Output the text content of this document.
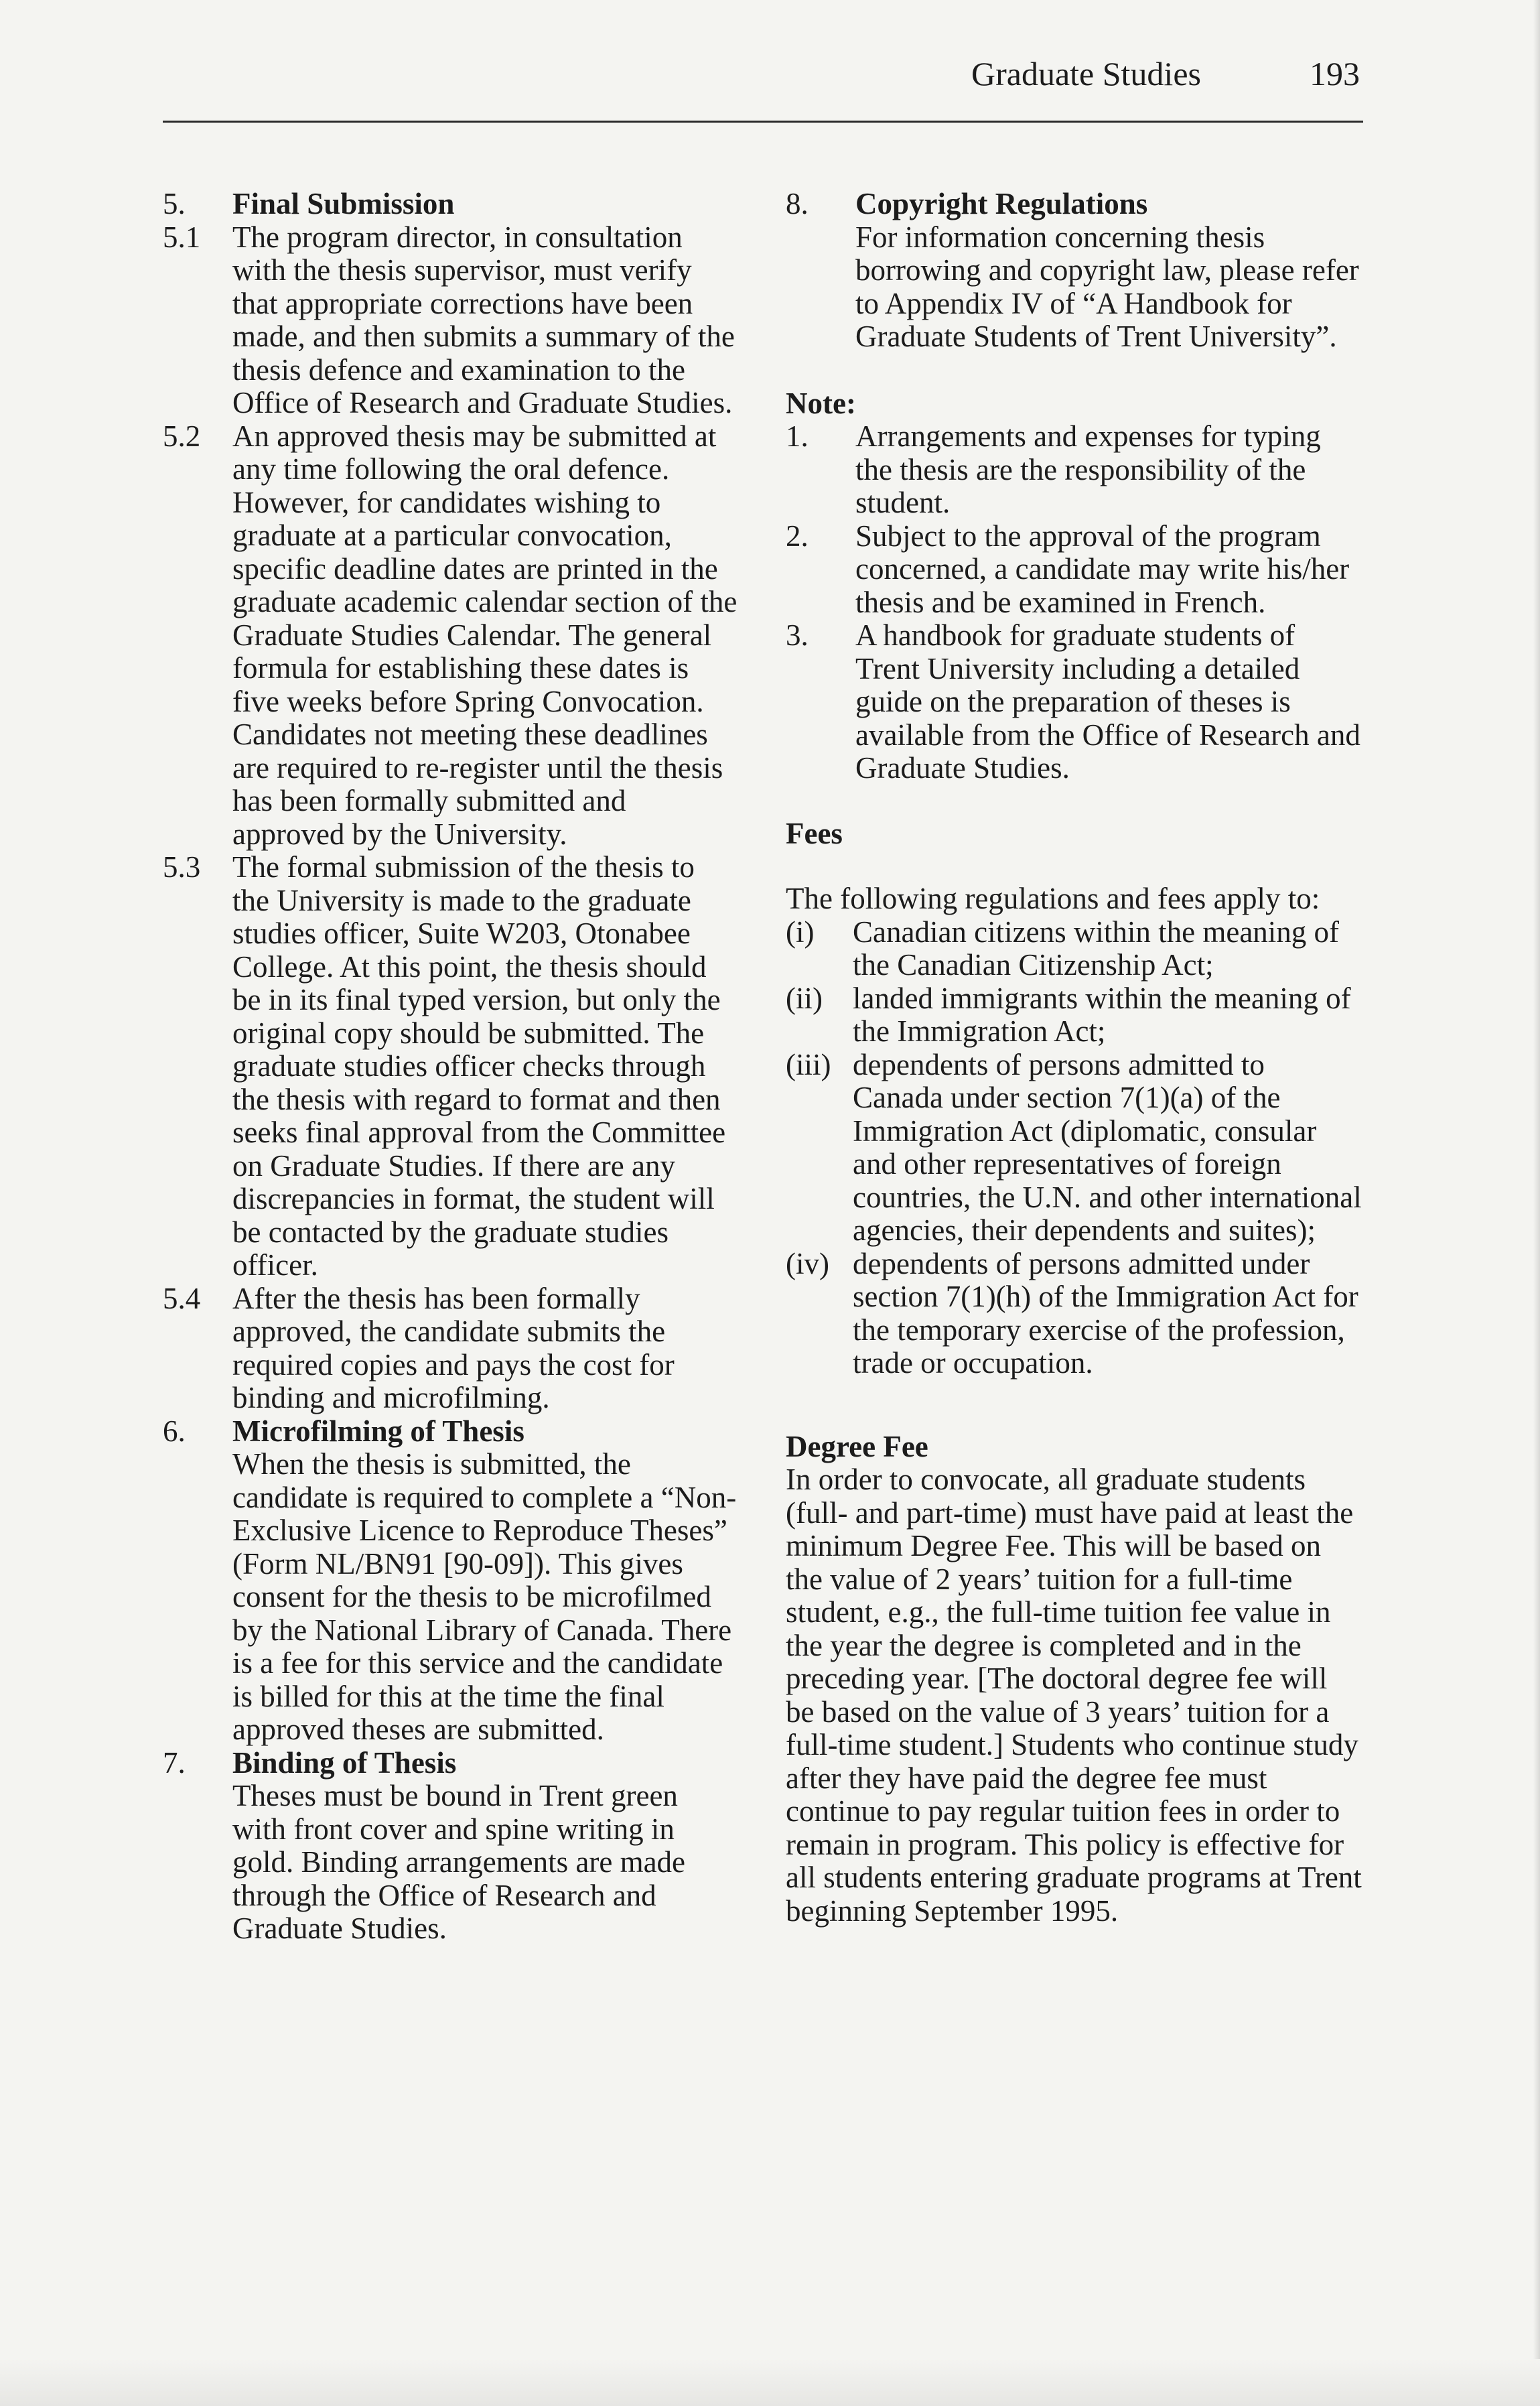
Graduate Studies	193
5. Final Submission
5.1 The program director, in consultation with the thesis supervisor, must verify that appropriate corrections have been made, and then submits a summary of the thesis defence and examination to the Office of Research and Graduate Studies.
5.2 An approved thesis may be submitted at any time following the oral defence. However, for candidates wishing to graduate at a particular convocation, specific deadline dates are printed in the graduate academic calendar section of the Graduate Studies Calendar. The general formula for establishing these dates is five weeks before Spring Convocation. Candidates not meeting these deadlines are required to re-register until the thesis has been formally submitted and approved by the University.
5.3 The formal submission of the thesis to the University is made to the graduate studies officer, Suite W203, Otonabee College. At this point, the thesis should be in its final typed version, but only the original copy should be submitted. The graduate studies officer checks through the thesis with regard to format and then seeks final approval from the Committee on Graduate Studies. If there are any discrepancies in format, the student will be contacted by the graduate studies officer.
5.4 After the thesis has been formally approved, the candidate submits the required copies and pays the cost for binding and microfilming.
6. Microfilming of Thesis
When the thesis is submitted, the candidate is required to complete a “Non-Exclusive Licence to Reproduce Theses” (Form NL/BN91 [90-09]). This gives consent for the thesis to be microfilmed by the National Library of Canada. There is a fee for this service and the candidate is billed for this at the time the final approved theses are submitted.
7. Binding of Thesis
Theses must be bound in Trent green with front cover and spine writing in gold. Binding arrangements are made through the Office of Research and Graduate Studies.
8. Copyright Regulations
For information concerning thesis borrowing and copyright law, please refer to Appendix IV of “A Handbook for Graduate Students of Trent University”.
Note:
1. Arrangements and expenses for typing the thesis are the responsibility of the student.
2. Subject to the approval of the program concerned, a candidate may write his/her thesis and be examined in French.
3. A handbook for graduate students of Trent University including a detailed guide on the preparation of theses is available from the Office of Research and Graduate Studies.
Fees
The following regulations and fees apply to:
(i) Canadian citizens within the meaning of the Canadian Citizenship Act;
(ii) landed immigrants within the meaning of the Immigration Act;
(iii) dependents of persons admitted to Canada under section 7(1)(a) of the Immigration Act (diplomatic, consular and other representatives of foreign countries, the U.N. and other international agencies, their dependents and suites);
(iv) dependents of persons admitted under section 7(1)(h) of the Immigration Act for the temporary exercise of the profession, trade or occupation.
Degree Fee
In order to convocate, all graduate students (full- and part-time) must have paid at least the minimum Degree Fee. This will be based on the value of 2 years’ tuition for a full-time student, e.g., the full-time tuition fee value in the year the degree is completed and in the preceding year. [The doctoral degree fee will be based on the value of 3 years’ tuition for a full-time student.] Students who continue study after they have paid the degree fee must continue to pay regular tuition fees in order to remain in program. This policy is effective for all students entering graduate programs at Trent beginning September 1995.
